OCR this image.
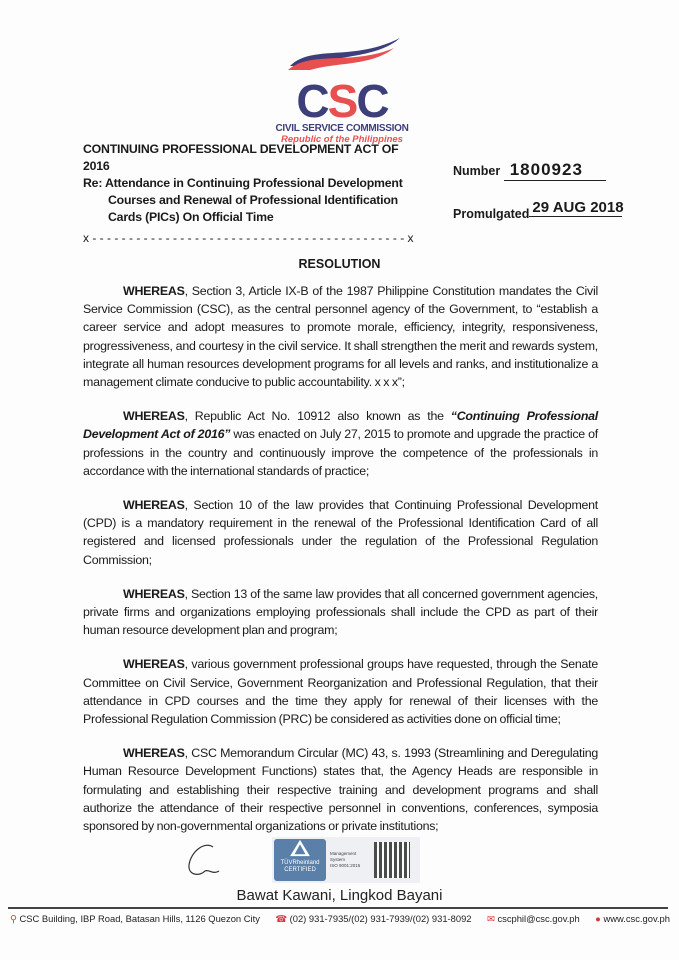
CSC
CIVIL SERVICE COMMISSION
Republic of the Philippines
CONTINUING PROFESSIONAL DEVELOPMENT ACT OF 2016
Re: Attendance in Continuing Professional Development
Courses and Renewal of Professional Identification
Cards (PICs) On Official Time
x - - - - - - - - - - - - - - - - - - - - - - - - - - - - - - - - - - - - - - - - - - - x
Number 1800923
Promulgated 29 AUG 2018
RESOLUTION

WHEREAS, Section 3, Article IX-B of the 1987 Philippine Constitution mandates the Civil Service Commission (CSC), as the central personnel agency of the Government, to “establish a career service and adopt measures to promote morale, efficiency, integrity, responsiveness, progressiveness, and courtesy in the civil service. It shall strengthen the merit and rewards system, integrate all human resources development programs for all levels and ranks, and institutionalize a management climate conducive to public accountability. x x x”;

WHEREAS, Republic Act No. 10912 also known as the “Continuing Professional Development Act of 2016” was enacted on July 27, 2015 to promote and upgrade the practice of professions in the country and continuously improve the competence of the professionals in accordance with the international standards of practice;

WHEREAS, Section 10 of the law provides that Continuing Professional Development (CPD) is a mandatory requirement in the renewal of the Professional Identification Card of all registered and licensed professionals under the regulation of the Professional Regulation Commission;

WHEREAS, Section 13 of the same law provides that all concerned government agencies, private firms and organizations employing professionals shall include the CPD as part of their human resource development plan and program;

WHEREAS, various government professional groups have requested, through the Senate Committee on Civil Service, Government Reorganization and Professional Regulation, that their attendance in CPD courses and the time they apply for renewal of their licenses with the Professional Regulation Commission (PRC) be considered as activities done on official time;

WHEREAS, CSC Memorandum Circular (MC) 43, s. 1993 (Streamlining and Deregulating Human Resource Development Functions) states that, the Agency Heads are responsible in formulating and establishing their respective training and development programs and shall authorize the attendance of their respective personnel in conventions, conferences, symposia sponsored by non-governmental organizations or private institutions;

TÜVRheinland
CERTIFIED
Management
System
ISO 9001:2015
Bawat Kawani, Lingkod Bayani
⚲ CSC Building, IBP Road, Batasan Hills, 1126 Quezon City ☎ (02) 931-7935/(02) 931-7939/(02) 931-8092 ✉ cscphil@csc.gov.ph ● www.csc.gov.ph
